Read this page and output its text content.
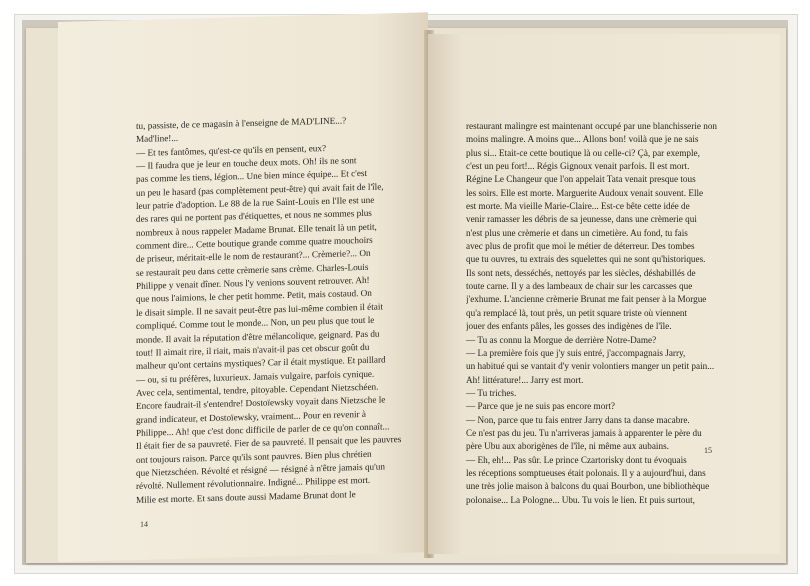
tu, passiste, de ce magasin à l'enseigne de MAD'LINE...?
Mad'line!...
— Et tes fantômes, qu'est-ce qu'ils en pensent, eux?
— Il faudra que je leur en touche deux mots. Oh! ils ne sont
pas comme les tiens, légion... Une bien mince équipe... Et c'est
un peu le hasard (pas complètement peut-être) qui avait fait de l'île,
leur patrie d'adoption. Le 88 de la rue Saint-Louis en l'Ile est une
des rares qui ne portent pas d'étiquettes, et nous ne sommes plus
nombreux à nous rappeler Madame Brunat. Elle tenait là un petit,
comment dire... Cette boutique grande comme quatre mouchoirs
de priseur, méritait-elle le nom de restaurant?... Crèmerie?... On
se restaurait peu dans cette crèmerie sans crème. Charles-Louis
Philippe y venait dîner. Nous l'y venions souvent retrouver. Ah!
que nous l'aimions, le cher petit homme. Petit, mais costaud. On
le disait simple. Il ne savait peut-être pas lui-même combien il était
compliqué. Comme tout le monde... Non, un peu plus que tout le
monde. Il avait la réputation d'être mélancolique, geignard. Pas du
tout! Il aimait rire, il riait, mais n'avait-il pas cet obscur goût du
malheur qu'ont certains mystiques? Car il était mystique. Et paillard
— ou, si tu préfères, luxurieux. Jamais vulgaire, parfois cynique.
Avec cela, sentimental, tendre, pitoyable. Cependant Nietzschéen.
Encore faudrait-il s'entendre! Dostoïewsky voyait dans Nietzsche le
grand indicateur, et Dostoïewsky, vraiment... Pour en revenir à
Philippe... Ah! que c'est donc difficile de parler de ce qu'on connaît...
Il était fier de sa pauvreté. Fier de sa pauvreté. Il pensait que les pauvres
ont toujours raison. Parce qu'ils sont pauvres. Bien plus chrétien
que Nietzschéen. Révolté et résigné — résigné à n'être jamais qu'un
révolté. Nullement révolutionnaire. Indigné... Philippe est mort.
Milie est morte. Et sans doute aussi Madame Brunat dont le
14
restaurant malingre est maintenant occupé par une blanchisserie non
moins malingre. A moins que... Allons bon! voilà que je ne sais
plus si... Etait-ce cette boutique là ou celle-ci? Çà, par exemple,
c'est un peu fort!... Régis Gignoux venait parfois. Il est mort.
Régine Le Changeur que l'on appelait Tata venait presque tous
les soirs. Elle est morte. Marguerite Audoux venait souvent. Elle
est morte. Ma vieille Marie-Claire... Est-ce bête cette idée de
venir ramasser les débris de sa jeunesse, dans une crèmerie qui
n'est plus une crèmerie et dans un cimetière. Au fond, tu fais
avec plus de profit que moi le métier de déterreur. Des tombes
que tu ouvres, tu extrais des squelettes qui ne sont qu'historiques.
Ils sont nets, desséchés, nettoyés par les siècles, déshabillés de
toute carne. Il y a des lambeaux de chair sur les carcasses que
j'exhume. L'ancienne crèmerie Brunat me fait penser à la Morgue
qu'a remplacé là, tout près, un petit square triste où viennent
jouer des enfants pâles, les gosses des indigènes de l'île.
— Tu as connu la Morgue de derrière Notre-Dame?
— La première fois que j'y suis entré, j'accompagnais Jarry,
un habitué qui se vantait d'y venir volontiers manger un petit pain...
Ah! littérature!... Jarry est mort.
— Tu triches.
— Parce que je ne suis pas encore mort?
— Non, parce que tu fais entrer Jarry dans ta danse macabre.
Ce n'est pas du jeu. Tu n'arriveras jamais à apparenter le père du
père Ubu aux aborigènes de l'île, ni même aux aubains.
— Eh, eh!... Pas sûr. Le prince Czartorisky dont tu évoquais
les réceptions somptueuses était polonais. Il y a aujourd'hui, dans
une très jolie maison à balcons du quai Bourbon, une bibliothèque
polonaise... La Pologne... Ubu. Tu vois le lien. Et puis surtout,
15
